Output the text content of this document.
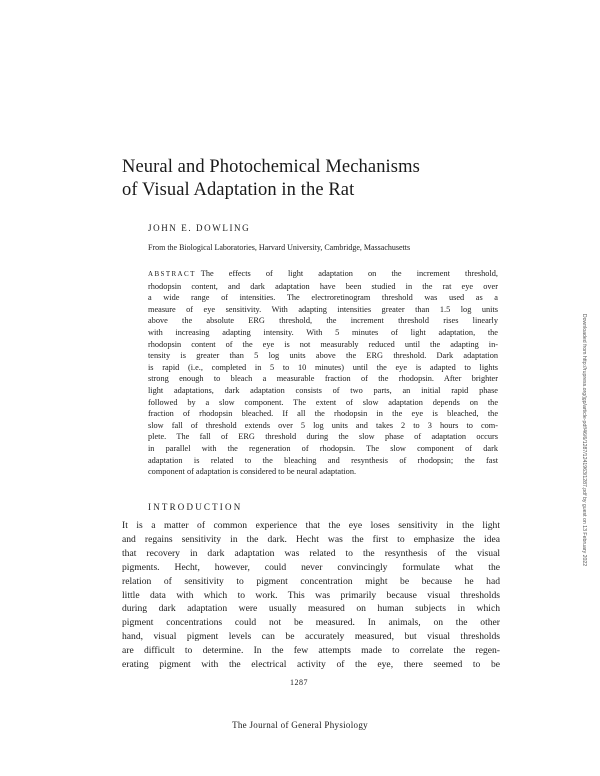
Neural and Photochemical Mechanisms
of Visual Adaptation in the Rat
JOHN E. DOWLING
From the Biological Laboratories, Harvard University, Cambridge, Massachusetts
ABSTRACT The effects of light adaptation on the increment threshold,
rhodopsin content, and dark adaptation have been studied in the rat eye over
a wide range of intensities. The electroretinogram threshold was used as a
measure of eye sensitivity. With adapting intensities greater than 1.5 log units
above the absolute ERG threshold, the increment threshold rises linearly
with increasing adapting intensity. With 5 minutes of light adaptation, the
rhodopsin content of the eye is not measurably reduced until the adapting in-
tensity is greater than 5 log units above the ERG threshold. Dark adaptation
is rapid (i.e., completed in 5 to 10 minutes) until the eye is adapted to lights
strong enough to bleach a measurable fraction of the rhodopsin. After brighter
light adaptations, dark adaptation consists of two parts, an initial rapid phase
followed by a slow component. The extent of slow adaptation depends on the
fraction of rhodopsin bleached. If all the rhodopsin in the eye is bleached, the
slow fall of threshold extends over 5 log units and takes 2 to 3 hours to com-
plete. The fall of ERG threshold during the slow phase of adaptation occurs
in parallel with the regeneration of rhodopsin. The slow component of dark
adaptation is related to the bleaching and resynthesis of rhodopsin; the fast
component of adaptation is considered to be neural adaptation.
INTRODUCTION
It is a matter of common experience that the eye loses sensitivity in the light
and regains sensitivity in the dark. Hecht was the first to emphasize the idea
that recovery in dark adaptation was related to the resynthesis of the visual
pigments. Hecht, however, could never convincingly formulate what the
relation of sensitivity to pigment concentration might be because he had
little data with which to work. This was primarily because visual thresholds
during dark adaptation were usually measured on human subjects in which
pigment concentrations could not be measured. In animals, on the other
hand, visual pigment levels can be accurately measured, but visual thresholds
are difficult to determine. In the few attempts made to correlate the regen-
erating pigment with the electrical activity of the eye, there seemed to be
1287
The Journal of General Physiology
Downloaded from http://rupress.org/jgp/article-pdf/46/6/1287/1241963/1287.pdf by guest on 13 February 2022
